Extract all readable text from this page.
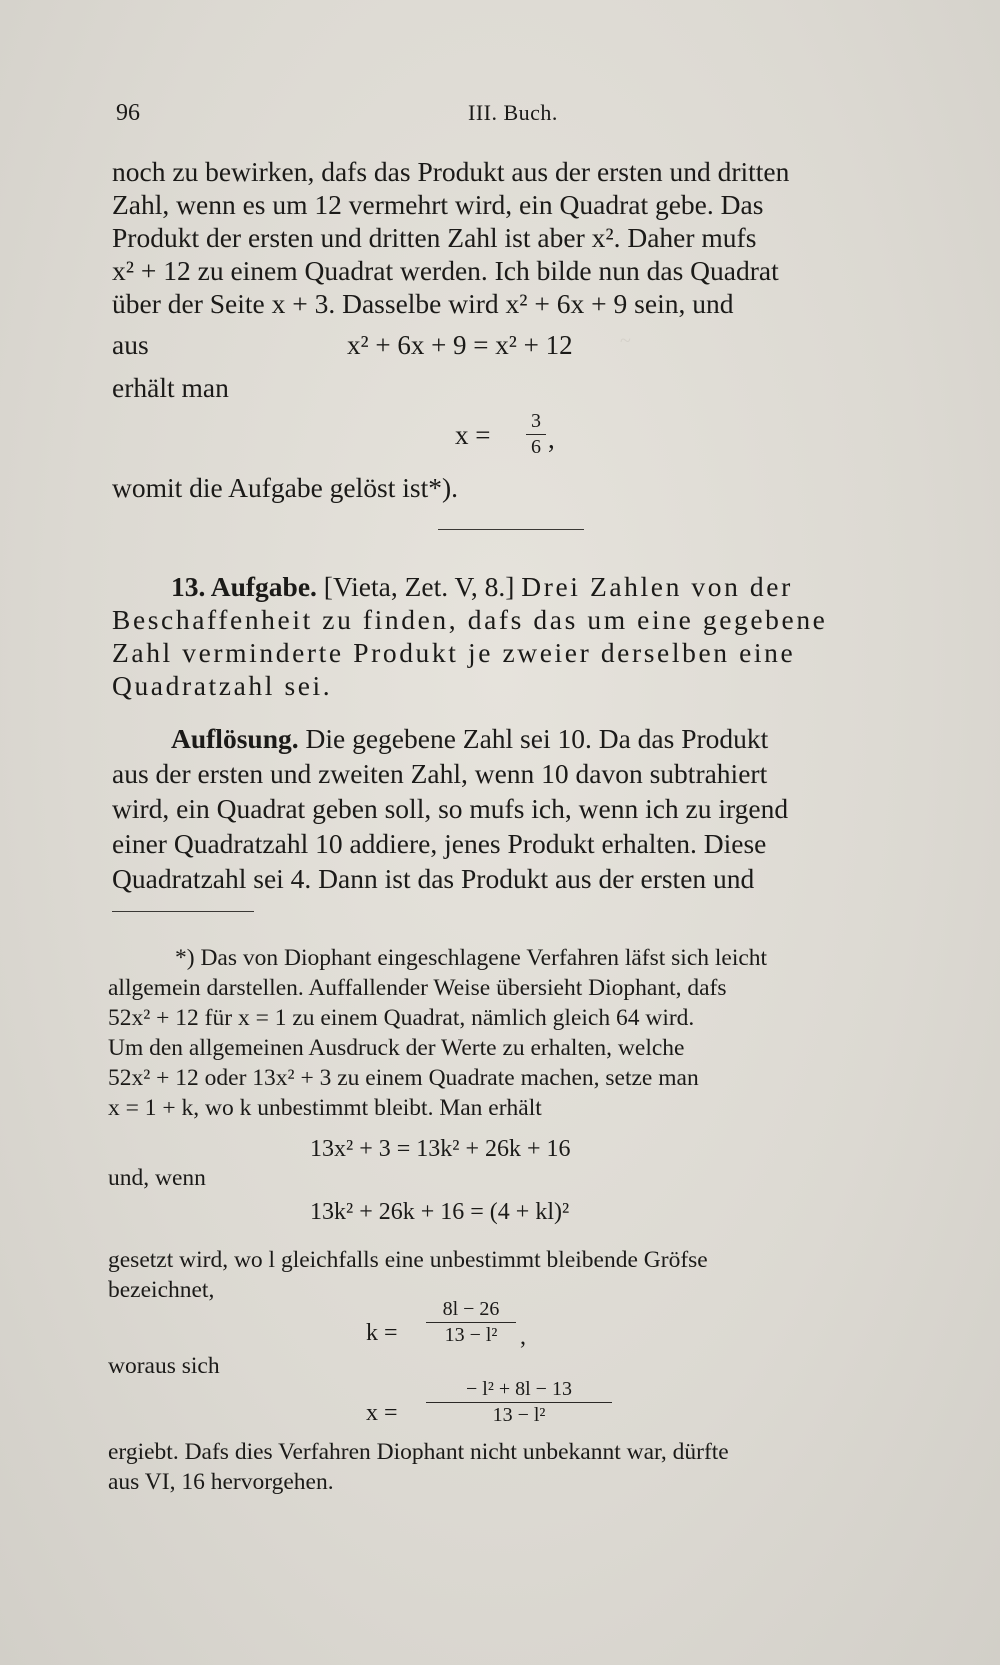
~
96	III. Buch.
noch zu bewirken, dafs das Produkt aus der ersten und dritten
Zahl, wenn es um 12 vermehrt wird, ein Quadrat gebe. Das
Produkt der ersten und dritten Zahl ist aber x². Daher mufs
x² + 12 zu einem Quadrat werden. Ich bilde nun das Quadrat
über der Seite x + 3. Dasselbe wird x² + 6x + 9 sein, und
aus	x² + 6x + 9 = x² + 12
erhält man
x = 3
6 ,
womit die Aufgabe gelöst ist*).
13. Aufgabe. [Vieta, Zet. V, 8.] Drei Zahlen von der
Beschaffenheit zu finden, dafs das um eine gegebene
Zahl verminderte Produkt je zweier derselben eine
Quadratzahl sei.
Auflösung. Die gegebene Zahl sei 10. Da das Produkt
aus der ersten und zweiten Zahl, wenn 10 davon subtrahiert
wird, ein Quadrat geben soll, so mufs ich, wenn ich zu irgend
einer Quadratzahl 10 addiere, jenes Produkt erhalten. Diese
Quadratzahl sei 4. Dann ist das Produkt aus der ersten und
*) Das von Diophant eingeschlagene Verfahren läfst sich leicht
allgemein darstellen. Auffallender Weise übersieht Diophant, dafs
52x² + 12 für x = 1 zu einem Quadrat, nämlich gleich 64 wird.
Um den allgemeinen Ausdruck der Werte zu erhalten, welche
52x² + 12 oder 13x² + 3 zu einem Quadrate machen, setze man
x = 1 + k, wo k unbestimmt bleibt. Man erhält
13x² + 3 = 13k² + 26k + 16
und, wenn
13k² + 26k + 16 = (4 + kl)²
gesetzt wird, wo l gleichfalls eine unbestimmt bleibende Gröfse
bezeichnet,
k =
8l − 26
13 − l² ,
woraus sich
x =
− l² + 8l − 13
13 − l²
ergiebt. Dafs dies Verfahren Diophant nicht unbekannt war, dürfte
aus VI, 16 hervorgehen.
